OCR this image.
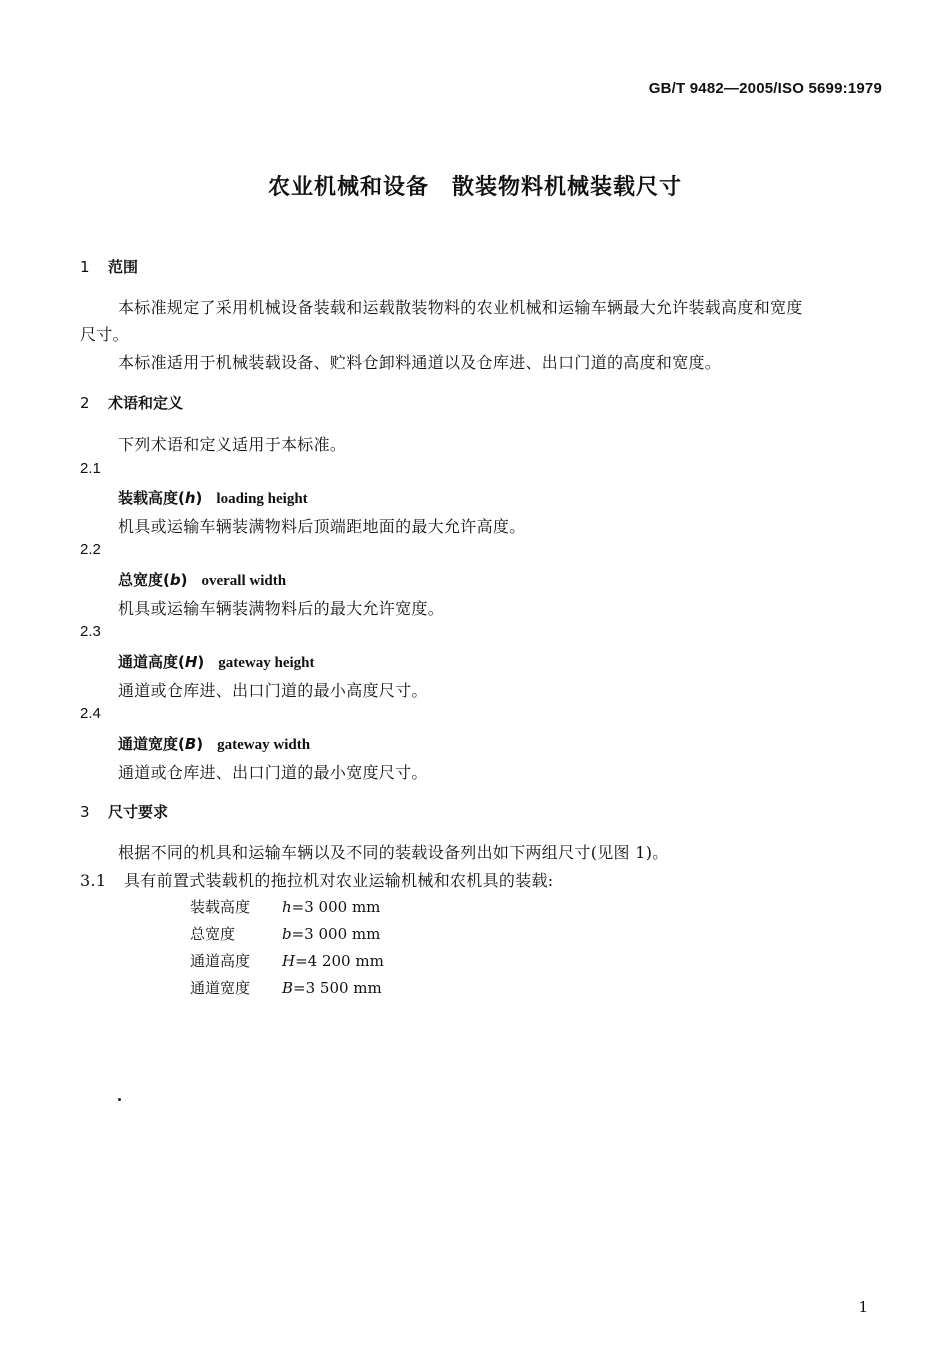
GB/T 9482—2005/ISO 5699:1979
农业机械和设备　散装物料机械装载尺寸
1 范围
本标准规定了采用机械设备装载和运载散装物料的农业机械和运输车辆最大允许装载高度和宽度
尺寸。
本标准适用于机械装载设备、贮料仓卸料通道以及仓库进、出口门道的高度和宽度。
2 术语和定义
下列术语和定义适用于本标准。
2.1
装载高度(h) loading height
机具或运输车辆装满物料后顶端距地面的最大允许高度。
2.2
总宽度(b) overall width
机具或运输车辆装满物料后的最大允许宽度。
2.3
通道高度(H) gateway height
通道或仓库进、出口门道的最小高度尺寸。
2.4
通道宽度(B) gateway width
通道或仓库进、出口门道的最小宽度尺寸。
3 尺寸要求
根据不同的机具和运输车辆以及不同的装载设备列出如下两组尺寸(见图 1)。
3.1 具有前置式装载机的拖拉机对农业运输机械和农机具的装载:
装载高度 h=3 000 mm
总宽度	b=3 000 mm
通道高度 H=4 200 mm
通道宽度 B=3 500 mm
1
